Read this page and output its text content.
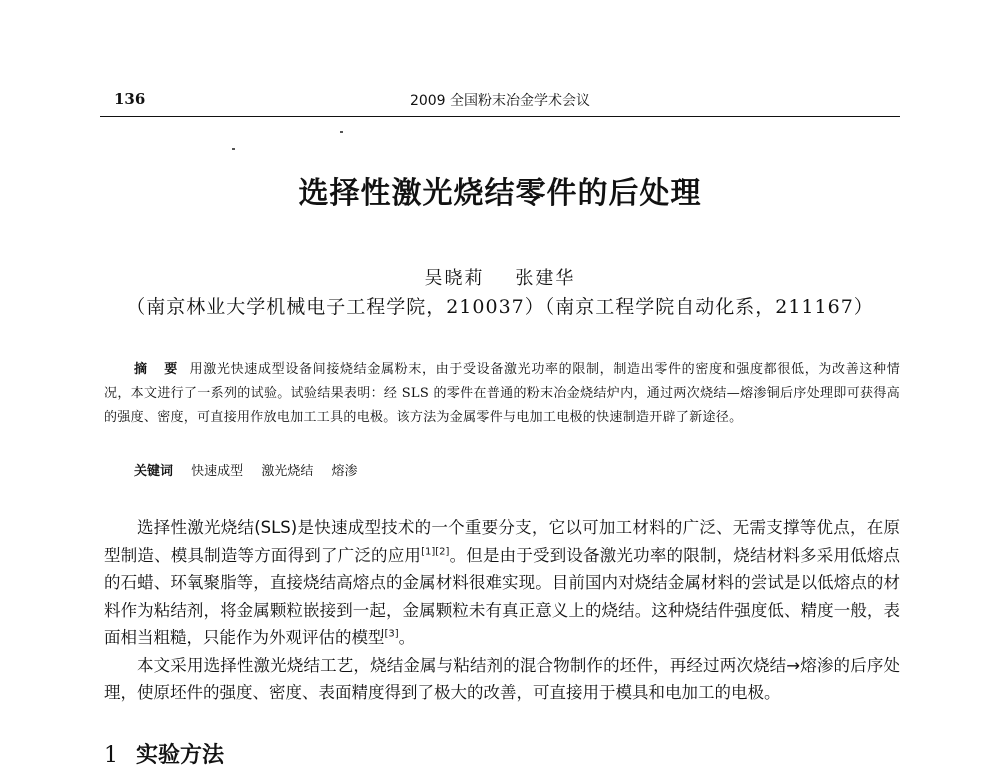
136	2009 全国粉末冶金学术会议
选择性激光烧结零件的后处理
吴晓莉    张建华
（南京林业大学机械电子工程学院，210037）（南京工程学院自动化系，211167）
摘 要 用激光快速成型设备间接烧结金属粉末，由于受设备激光功率的限制，制造出零件的密度和强度都很低，为改善这种情况，本文进行了一系列的试验。试验结果表明：经 SLS 的零件在普通的粉末冶金烧结炉内，通过两次烧结—熔渗铜后序处理即可获得高的强度、密度，可直接用作放电加工工具的电极。该方法为金属零件与电加工电极的快速制造开辟了新途径。
关键词 快速成型 激光烧结 熔渗

选择性激光烧结(SLS)是快速成型技术的一个重要分支，它以可加工材料的广泛、无需支撑等优点，在原型制造、模具制造等方面得到了广泛的应用[1][2]。但是由于受到设备激光功率的限制，烧结材料多采用低熔点的石蜡、环氧聚脂等，直接烧结高熔点的金属材料很难实现。目前国内对烧结金属材料的尝试是以低熔点的材料作为粘结剂，将金属颗粒嵌接到一起，金属颗粒未有真正意义上的烧结。这种烧结件强度低、精度一般，表面相当粗糙，只能作为外观评估的模型[3]。

本文采用选择性激光烧结工艺，烧结金属与粘结剂的混合物制作的坯件，再经过两次烧结→熔渗的后序处理，使原坯件的强度、密度、表面精度得到了极大的改善，可直接用于模具和电加工的电极。

1 实验方法
